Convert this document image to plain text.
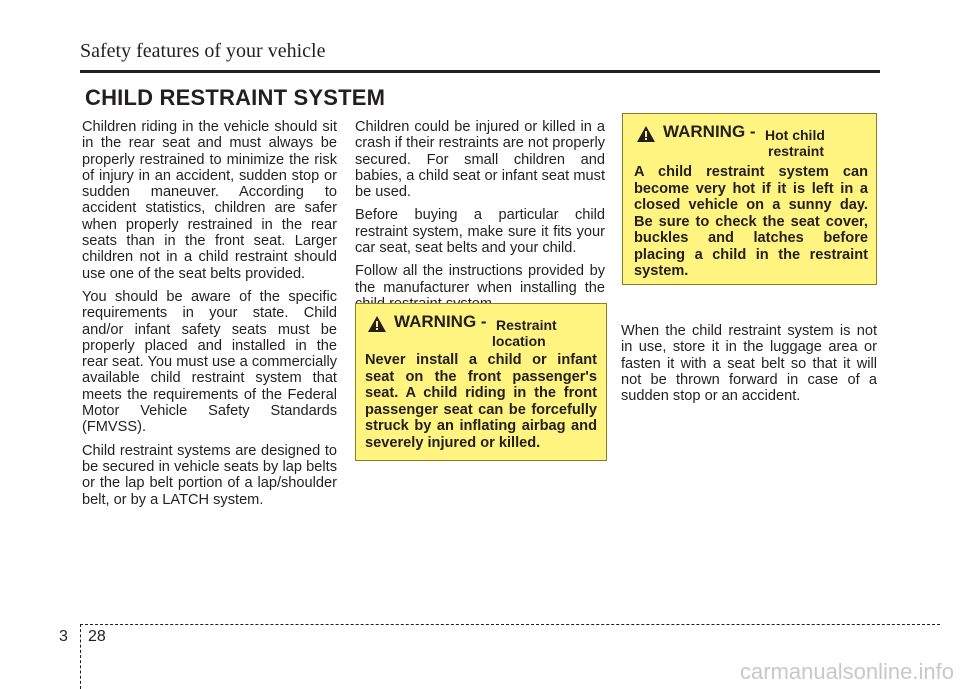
Safety features of your vehicle
CHILD RESTRAINT SYSTEM

Children riding in the vehicle should sit in the rear seat and must always be properly restrained to minimize the risk of injury in an accident, sudden stop or sudden maneuver. According to accident statistics, children are safer when properly restrained in the rear seats than in the front seat. Larger children not in a child restraint should use one of the seat belts provided.

You should be aware of the specific requirements in your state. Child and/or infant safety seats must be properly placed and installed in the rear seat. You must use a commercially available child restraint system that meets the requirements of the Federal Motor Vehicle Safety Standards (FMVSS).

Child restraint systems are designed to be secured in vehicle seats by lap belts or the lap belt portion of a lap/shoulder belt, or by a LATCH system.

Children could be injured or killed in a crash if their restraints are not properly secured. For small children and babies, a child seat or infant seat must be used.

Before buying a particular child restraint system, make sure it fits your car seat, seat belts and your child.

Follow all the instructions provided by the manufacturer when installing the

WARNING - Restraint
location
Never install a child or infant seat on the front passenger's seat. A child riding in the front passenger seat can be forcefully struck by an inflating airbag and severely injured or killed.
WARNING - Hot child
restraint
A child restraint system can become very hot if it is left in a closed vehicle on a sunny day. Be sure to check the seat cover, buckles and latches before placing a child in the restraint system.

When the child restraint system is not in use, store it in the luggage area or fasten it with a seat belt so that it will not be thrown forward in case of a sudden stop or an accident.

3 28
carmanualsonline.info
